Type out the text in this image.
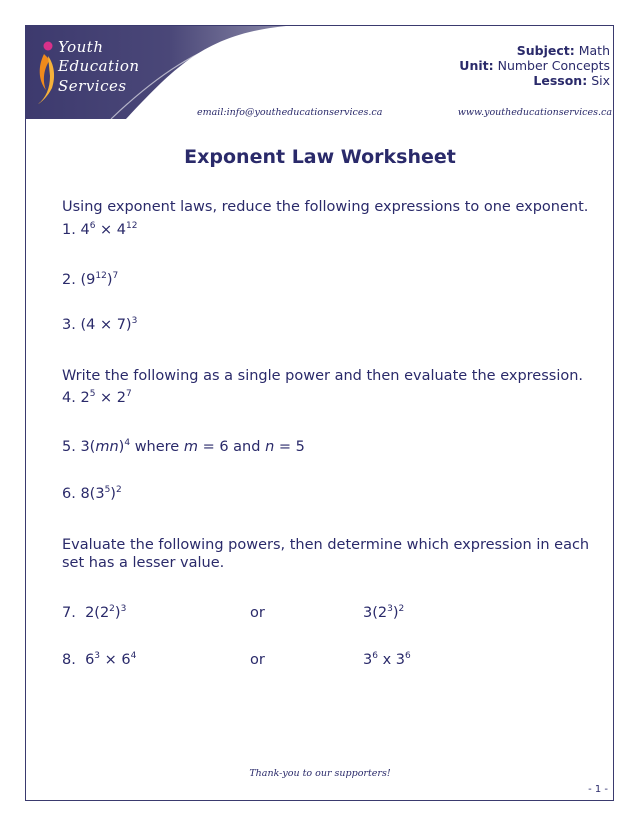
Youth
Education
Services
Subject: Math
Unit: Number Concepts
Lesson: Six
email:info@youtheducationservices.ca	www.youtheducationservices.ca
Exponent Law Worksheet
Using exponent laws, reduce the following expressions to one exponent.
1. $4^6 \times 4^{12}$
2. $(9^{12})^7$
3. $(4 \times 7)^3$
Write the following as a single power and then evaluate the expression.
4. $2^5 \times 2^7$
5. 3(mn)$^4$ where m = 6 and n = 5
6. $8(3^5)^2$
Evaluate the following powers, then determine which expression in each
set has a lesser value.
7. $2(2^2)^3$	or	$3(2^3)^2$
8. $6^3 \times 6^4$	or	$3^6$ x $3^6$
Thank-you to our supporters!
- 1 -
